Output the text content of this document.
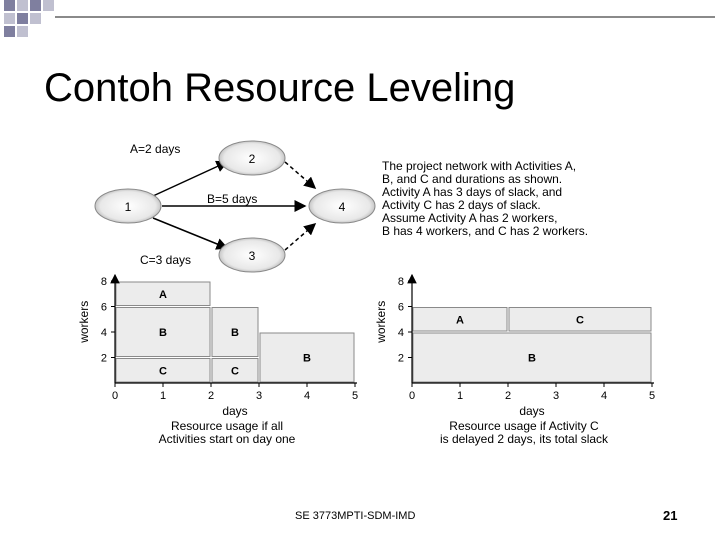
Contoh Resource Leveling
1
2
3
4
A=2 days
B=5 days
C=3 days
The project network with Activities A,
B, and C and durations as shown.
Activity A has 3 days of slack, and
Activity C has 2 days of slack.
Assume Activity A has 2 workers,
B has 4 workers, and C has 2 workers.
C	C
B	B
B
A
0	1	2	3	4	5
2
4
6
8
days
workers
Resource usage if all
Activities start on day one
B
A	C
0	1	2	3	4	5
2
4
6
8
days
workers
Resource usage if Activity C
is delayed 2 days, its total slack
SE 3773MPTI-SDM-IMD	21
